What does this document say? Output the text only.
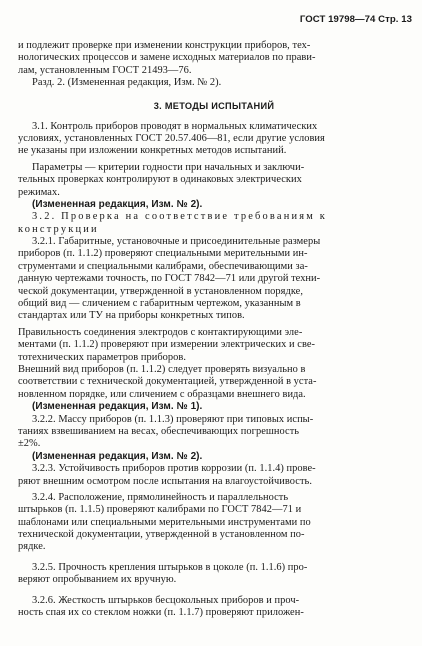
ГОСТ 19798—74 Стр. 13
и подлежит проверке при изменении конструкции приборов, тех-
нологических процессов и замене исходных материалов по прави-
лам, установленным ГОСТ 21493—76.
Разд. 2. (Измененная редакция, Изм. № 2).
3. МЕТОДЫ ИСПЫТАНИЙ
3.1. Контроль приборов проводят в нормальных климатических
условиях, установленных ГОСТ 20.57.406—81, если другие условия
не указаны при изложении конкретных методов испытаний.
Параметры — критерии годности при начальных и заключи-
тельных проверках контролируют в одинаковых электрических
режимах.
(Измененная редакция, Изм. № 2).
3.2. Проверка на соответствие требованиям к
конструкции
3.2.1. Габаритные, установочные и присоединительные размеры
приборов (п. 1.1.2) проверяют специальными мерительными ин-
струментами и специальными калибрами, обеспечивающими за-
данную чертежами точность, по ГОСТ 7842—71 или другой техни-
ческой документации, утвержденной в установленном порядке,
общий вид — сличением с габаритным чертежом, указанным в
стандартах или ТУ на приборы конкретных типов.
Правильность соединения электродов с контактирующими эле-
ментами (п. 1.1.2) проверяют при измерении электрических и све-
тотехнических параметров приборов.
Внешний вид приборов (п. 1.1.2) следует проверять визуально в
соответствии с технической документацией, утвержденной в уста-
новленном порядке, или сличением с образцами внешнего вида.
(Измененная редакция, Изм. № 1).
3.2.2. Массу приборов (п. 1.1.3) проверяют при типовых испы-
таниях взвешиванием на весах, обеспечивающих погрешность
±2%.
(Измененная редакция, Изм. № 2).
3.2.3. Устойчивость приборов против коррозии (п. 1.1.4) прове-
ряют внешним осмотром после испытания на влагоустойчивость.
3.2.4. Расположение, прямолинейность и параллельность
штырьков (п. 1.1.5) проверяют калибрами по ГОСТ 7842—71 и
шаблонами или специальными мерительными инструментами по
технической документации, утвержденной в установленном по-
рядке.
3.2.5. Прочность крепления штырьков в цоколе (п. 1.1.6) про-
веряют опробыванием их вручную.
3.2.6. Жесткость штырьков бесцокольных приборов и проч-
ность спая их со стеклом ножки (п. 1.1.7) проверяют приложен-
